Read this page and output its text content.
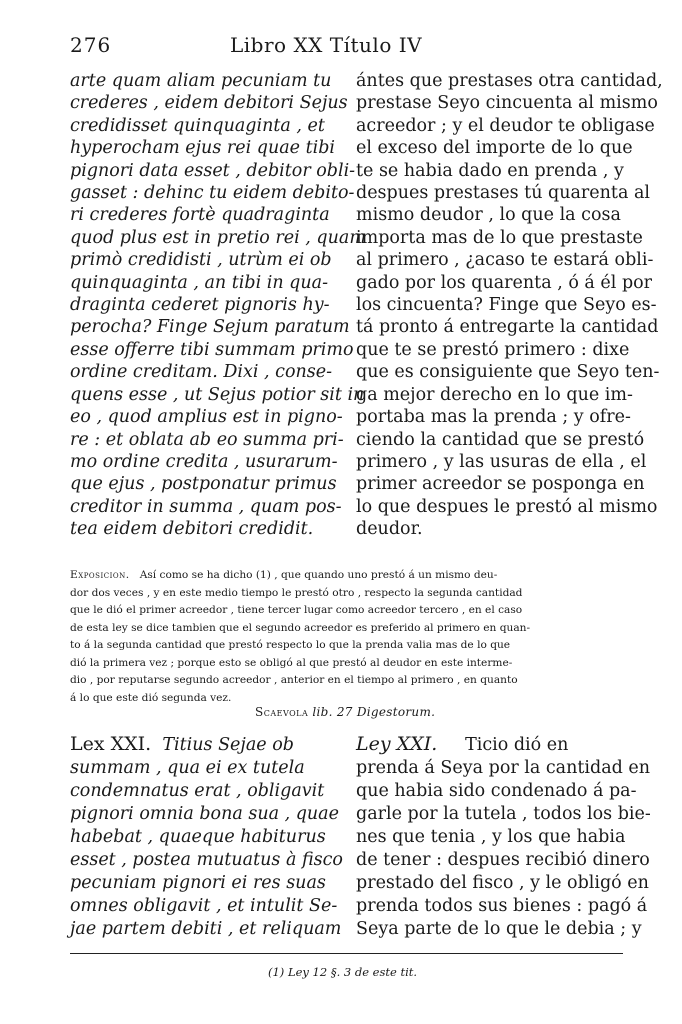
276	Libro XX Título IV
arte quam aliam pecuniam tu
crederes , eidem debitori Sejus
credidisset quinquaginta , et
hyperocham ejus rei quae tibi
pignori data esset , debitor obli-
gasset : dehinc tu eidem debito-
ri crederes fortè quadraginta
quod plus est in pretio rei , quam
primò credidisti , utrùm ei ob
quinquaginta , an tibi in qua-
draginta cederet pignoris hy-
perocha? Finge Sejum paratum
esse offerre tibi summam primo
ordine creditam. Dixi , conse-
quens esse , ut Sejus potior sit in
eo , quod amplius est in pigno-
re : et oblata ab eo summa pri-
mo ordine credita , usurarum-
que ejus , postponatur primus
creditor in summa , quam pos-
tea eidem debitori credidit.
ántes que prestases otra cantidad,
prestase Seyo cincuenta al mismo
acreedor ; y el deudor te obligase
el exceso del importe de lo que
te se habia dado en prenda , y
despues prestases tú quarenta al
mismo deudor , lo que la cosa
importa mas de lo que prestaste
al primero , ¿acaso te estará obli-
gado por los quarenta , ó á él por
los cincuenta? Finge que Seyo es-
tá pronto á entregarte la cantidad
que te se prestó primero : dixe
que es consiguiente que Seyo ten-
ga mejor derecho en lo que im-
portaba mas la prenda ; y ofre-
ciendo la cantidad que se prestó
primero , y las usuras de ella , el
primer acreedor se posponga en
lo que despues le prestó al mismo
deudor.
Exposicion. Así como se ha dicho (1) , que quando uno prestó á un mismo deu-
dor dos veces , y en este medio tiempo le prestó otro , respecto la segunda cantidad
que le dió el primer acreedor , tiene tercer lugar como acreedor tercero , en el caso
de esta ley se dice tambien que el segundo acreedor es preferido al primero en quan-
to á la segunda cantidad que prestó respecto lo que la prenda valia mas de lo que
dió la primera vez ; porque esto se obligó al que prestó al deudor en este interme-
dio , por reputarse segundo acreedor , anterior en el tiempo al primero , en quanto
á lo que este dió segunda vez.
Scaevola lib. 27 Digestorum.
Lex XXI. Titius Sejae ob
summam , qua ei ex tutela
condemnatus erat , obligavit
pignori omnia bona sua , quae
habebat , quaeque habiturus
esset , postea mutuatus à fisco
pecuniam pignori ei res suas
omnes obligavit , et intulit Se-
jae partem debiti , et reliquam
Ley XXI. Ticio dió en
prenda á Seya por la cantidad en
que habia sido condenado á pa-
garle por la tutela , todos los bie-
nes que tenia , y los que habia
de tener : despues recibió dinero
prestado del fisco , y le obligó en
prenda todos sus bienes : pagó á
Seya parte de lo que le debia ; y
(1) Ley 12 §. 3 de este tit.
